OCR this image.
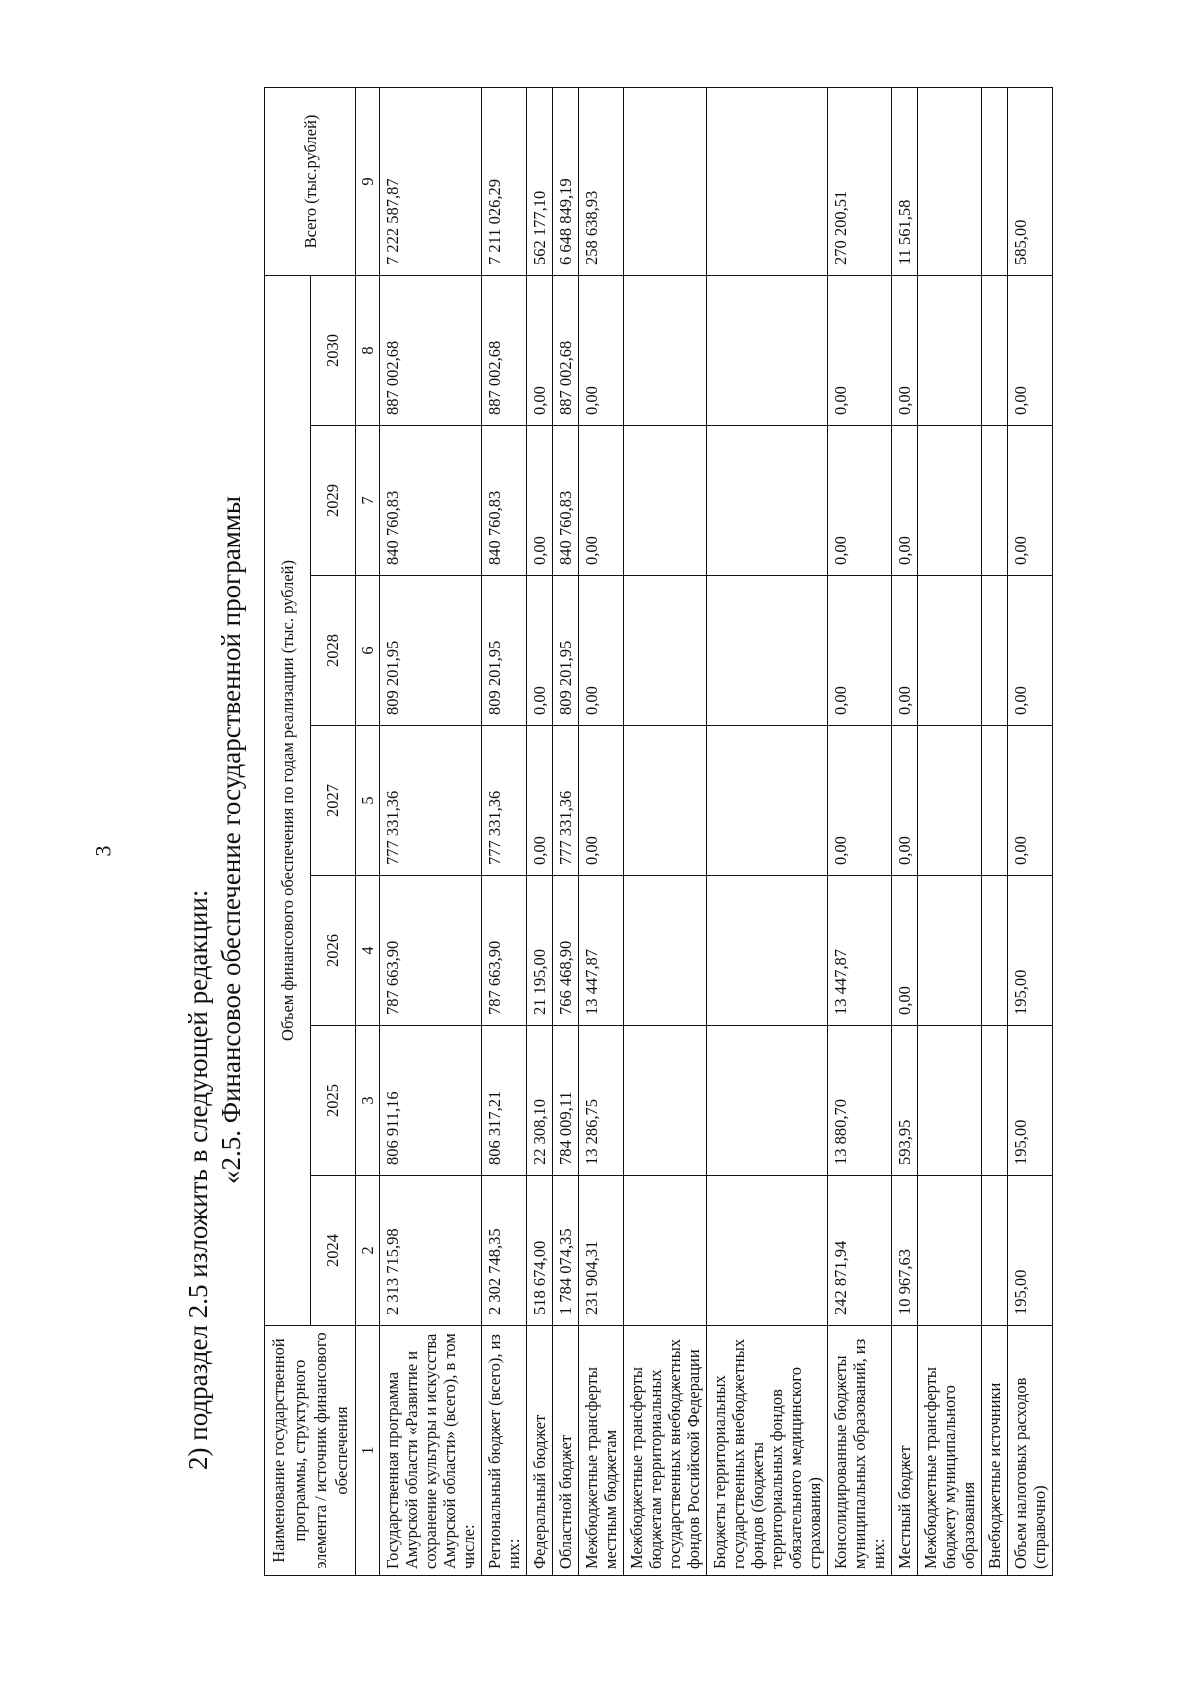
3
2) подраздел 2.5 изложить в следующей редакции: «2.5. Финансовое обеспечение государственной программы
Наименование государственной программы, структурного элемента / источник финансового обеспечения	Объем финансового обеспечения по годам реализации (тыс. рублей)							Всего (тыс.рублей)
	2024	2025	2026	2027	2028	2029	2030	
1	2	3	4	5	6	7	8	9
Государственная программа Амурской области «Развитие и сохранение культуры и искусства Амурской области» (всего), в том числе:	2 313 715,98	806 911,16	787 663,90	777 331,36	809 201,95	840 760,83	887 002,68	7 222 587,87
Региональный бюджет (всего), из них:	2 302 748,35	806 317,21	787 663,90	777 331,36	809 201,95	840 760,83	887 002,68	7 211 026,29
Федеральный бюджет	518 674,00	22 308,10	21 195,00	0,00	0,00	0,00	0,00	562 177,10
Областной бюджет	1 784 074,35	784 009,11	766 468,90	777 331,36	809 201,95	840 760,83	887 002,68	6 648 849,19
Межбюджетные трансферты местным бюджетам	231 904,31	13 286,75	13 447,87	0,00	0,00	0,00	0,00	258 638,93
Межбюджетные трансферты бюджетам территориальных государственных внебюджетных фондов Российской Федерации								
Бюджеты территориальных государственных внебюджетных фондов (бюджеты территориальных фондов обязательного медицинского страхования)								
Консолидированные бюджеты муниципальных образований, из них:	242 871,94	13 880,70	13 447,87	0,00	0,00	0,00	0,00	270 200,51
Местный бюджет	10 967,63	593,95	0,00	0,00	0,00	0,00	0,00	11 561,58
Межбюджетные трансферты бюджету муниципального образования								
Внебюджетные источники								
Объем налоговых расходов (справочно)	195,00	195,00	195,00	0,00	0,00	0,00	0,00	585,00
